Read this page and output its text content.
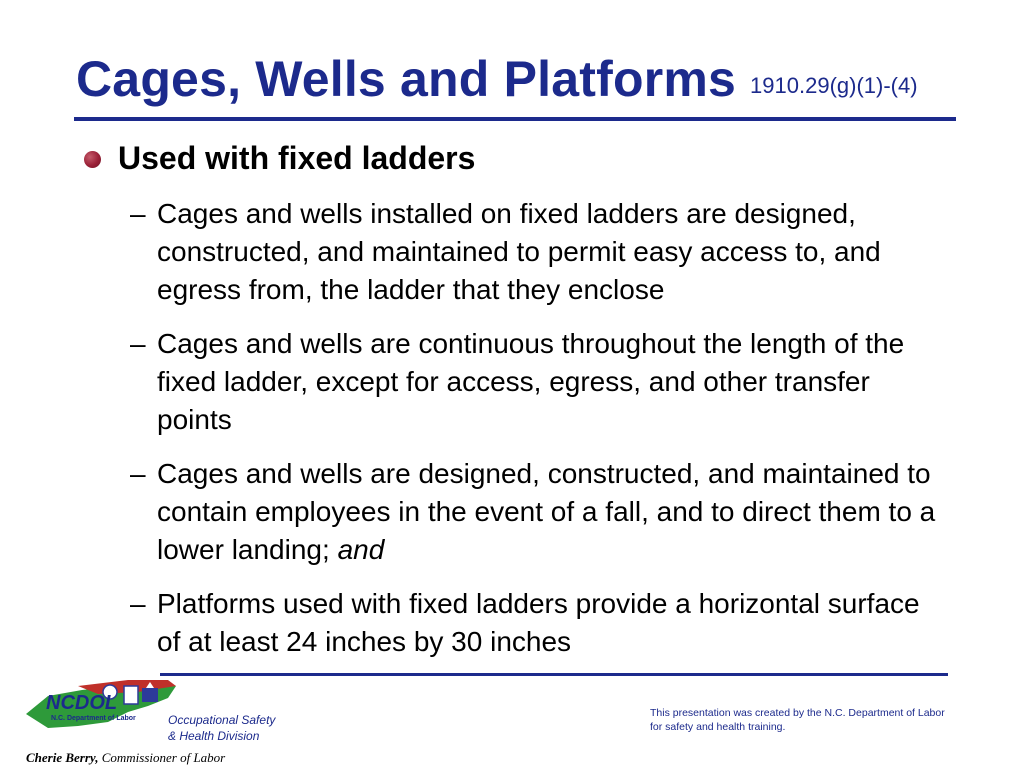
Cages, Wells and Platforms 1910.29(g)(1)-(4)
Used with fixed ladders
– Cages and wells installed on fixed ladders are designed, constructed, and maintained to permit easy access to, and egress from, the ladder that they enclose
– Cages and wells are continuous throughout the length of the fixed ladder, except for access, egress, and other transfer points
– Cages and wells are designed, constructed, and maintained to contain employees in the event of a fall, and to direct them to a lower landing; and
– Platforms used with fixed ladders provide a horizontal surface of at least 24 inches by 30 inches
NCDOL
N.C. Department of Labor	Occupational Safety
& Health Division
Cherie Berry, Commissioner of Labor
This presentation was created by the N.C. Department of Labor for safety and health training.
